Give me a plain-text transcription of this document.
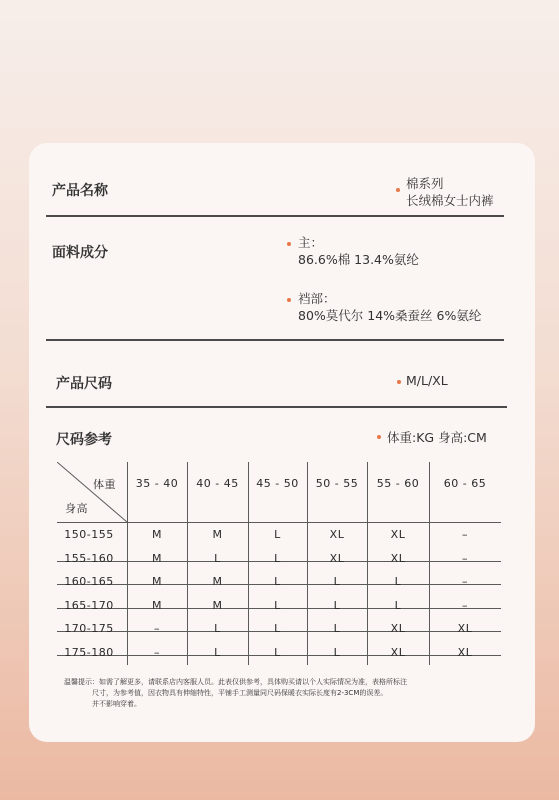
产品名称	棉系列
长绒棉女士内裤
面料成分
主：
86.6%棉 13.4%氨纶
裆部：
80%莫代尔 14%桑蚕丝 6%氨纶
产品尺码	M/L/XL
尺码参考	体重:KG 身高:CM
体重
身高
35 - 40	40 - 45	45 - 50	50 - 55	55 - 60	60 - 65
150-155	M	M	L	XL	XL	–
155-160	M	L	L	XL	XL	–
160-165	M	M	L	L	L	–
165-170	M	M	L	L	L	–
170-175	–	L	L	L	XL	XL
175-180	–	L	L	L	XL	XL
温馨提示：如需了解更多，请联系店内客服人员。此表仅供参考，具体购买请以个人实际情况为准，表格所标注
尺寸，为参考值，因衣物具有伸缩特性，平铺手工测量同尺码保暖衣实际长度有2-3CM的误差。
并不影响穿着。
